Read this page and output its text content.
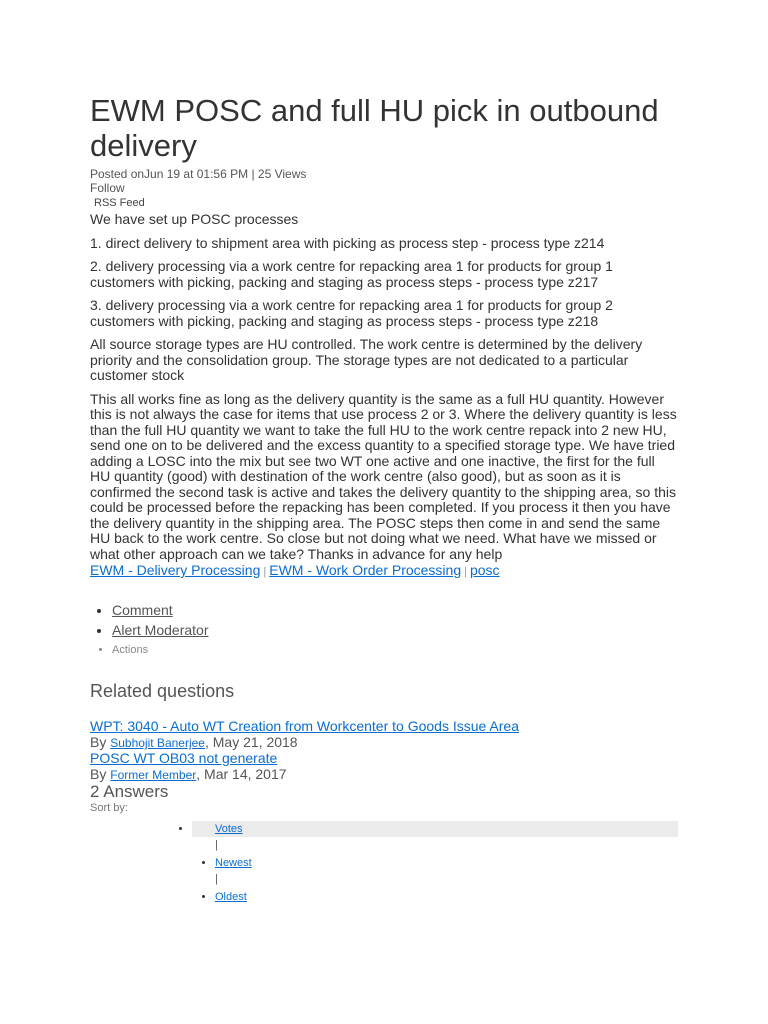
EWM POSC and full HU pick in outbound delivery
Posted onJun 19 at 01:56 PM | 25 Views
Follow
RSS Feed

We have set up POSC processes

1. direct delivery to shipment area with picking as process step - process type z214

2. delivery processing via a work centre for repacking area 1 for products for group 1 customers with picking, packing and staging as process steps - process type z217

3. delivery processing via a work centre for repacking area 1 for products for group 2 customers with picking, packing and staging as process steps - process type z218

All source storage types are HU controlled. The work centre is determined by the delivery priority and the consolidation group. The storage types are not dedicated to a particular customer stock

This all works fine as long as the delivery quantity is the same as a full HU quantity. However this is not always the case for items that use process 2 or 3. Where the delivery quantity is less than the full HU quantity we want to take the full HU to the work centre repack into 2 new HU, send one on to be delivered and the excess quantity to a specified storage type. We have tried adding a LOSC into the mix but see two WT one active and one inactive, the first for the full HU quantity (good) with destination of the work centre (also good), but as soon as it is confirmed the second task is active and takes the delivery quantity to the shipping area, so this could be processed before the repacking has been completed. If you process it then you have the delivery quantity in the shipping area. The POSC steps then come in and send the same HU back to the work centre. So close but not doing what we need. What have we missed or what other approach can we take? Thanks in advance for any help

EWM - Delivery Processing | EWM - Work Order Processing | posc
• Comment
• Alert Moderator
• Actions
Related questions
WPT: 3040 - Auto WT Creation from Workcenter to Goods Issue Area
By Subhojit Banerjee, May 21, 2018
POSC WT OB03 not generate
By Former Member, Mar 14, 2017
2 Answers
Sort by:
• Votes
|
• Newest
|
• Oldest
